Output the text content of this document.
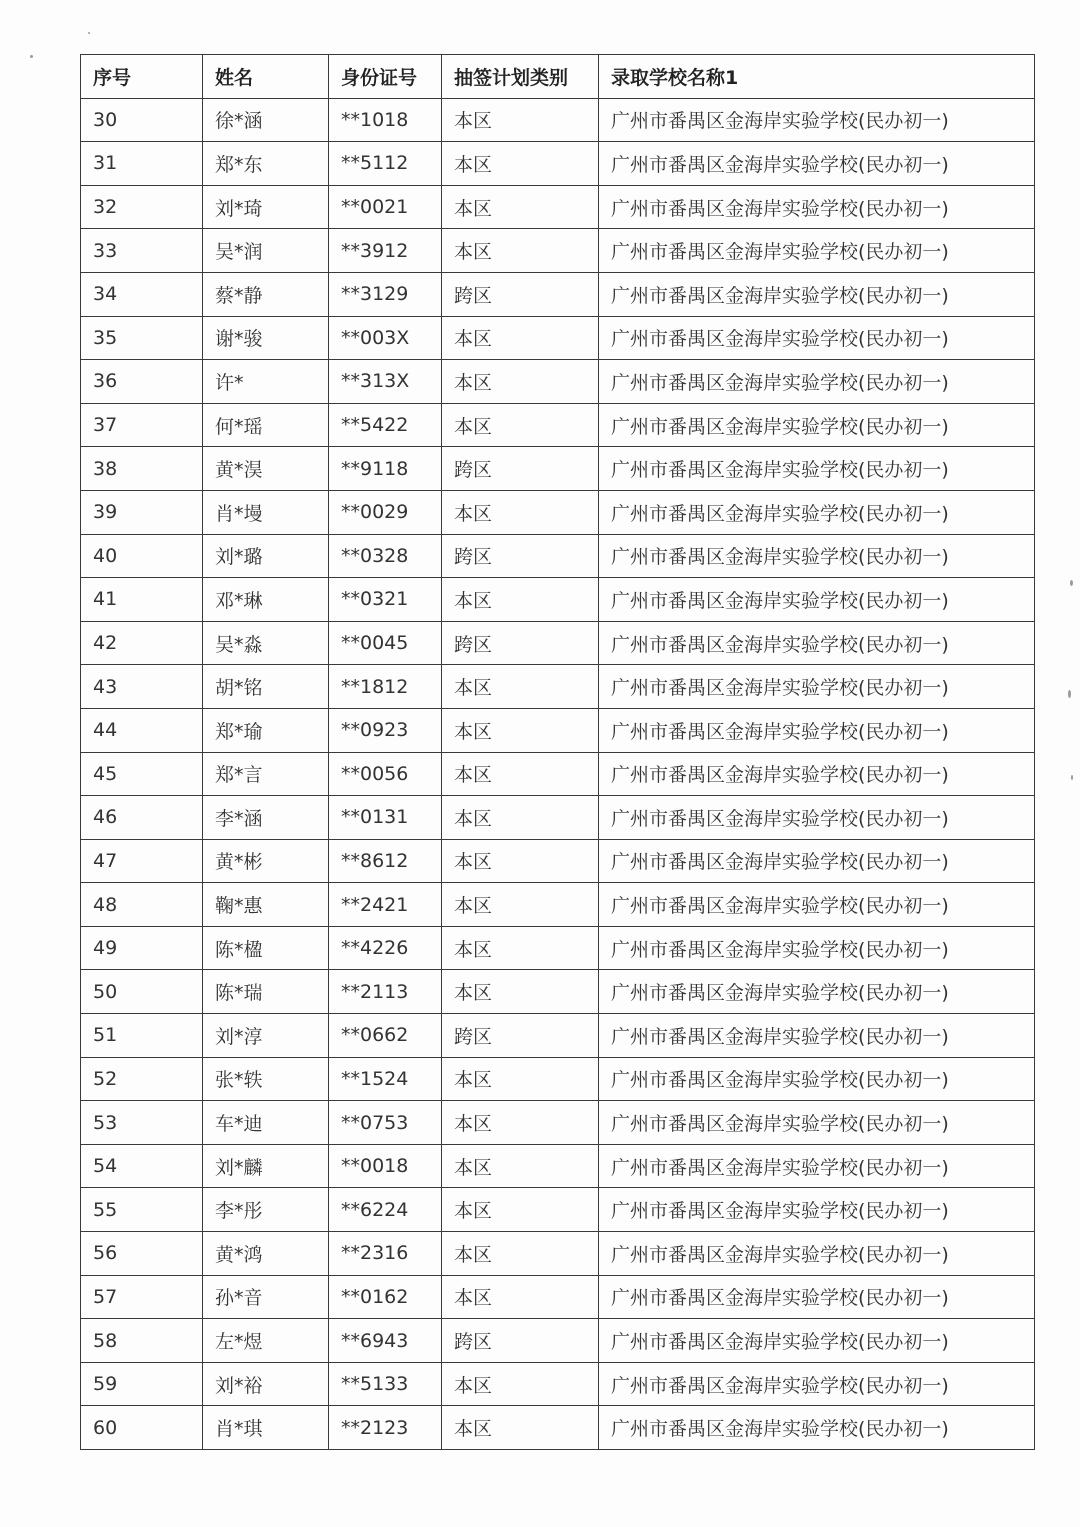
序号	姓名	身份证号	抽签计划类别	录取学校名称1
30	徐*涵	**1018	本区	广州市番禺区金海岸实验学校(民办初一)
31	郑*东	**5112	本区	广州市番禺区金海岸实验学校(民办初一)
32	刘*琦	**0021	本区	广州市番禺区金海岸实验学校(民办初一)
33	吴*润	**3912	本区	广州市番禺区金海岸实验学校(民办初一)
34	蔡*静	**3129	跨区	广州市番禺区金海岸实验学校(民办初一)
35	谢*骏	**003X	本区	广州市番禺区金海岸实验学校(民办初一)
36	许*	**313X	本区	广州市番禺区金海岸实验学校(民办初一)
37	何*瑶	**5422	本区	广州市番禺区金海岸实验学校(民办初一)
38	黄*淏	**9118	跨区	广州市番禺区金海岸实验学校(民办初一)
39	肖*墁	**0029	本区	广州市番禺区金海岸实验学校(民办初一)
40	刘*璐	**0328	跨区	广州市番禺区金海岸实验学校(民办初一)
41	邓*琳	**0321	本区	广州市番禺区金海岸实验学校(民办初一)
42	吴*淼	**0045	跨区	广州市番禺区金海岸实验学校(民办初一)
43	胡*铭	**1812	本区	广州市番禺区金海岸实验学校(民办初一)
44	郑*瑜	**0923	本区	广州市番禺区金海岸实验学校(民办初一)
45	郑*言	**0056	本区	广州市番禺区金海岸实验学校(民办初一)
46	李*涵	**0131	本区	广州市番禺区金海岸实验学校(民办初一)
47	黄*彬	**8612	本区	广州市番禺区金海岸实验学校(民办初一)
48	鞠*惠	**2421	本区	广州市番禺区金海岸实验学校(民办初一)
49	陈*楹	**4226	本区	广州市番禺区金海岸实验学校(民办初一)
50	陈*瑞	**2113	本区	广州市番禺区金海岸实验学校(民办初一)
51	刘*淳	**0662	跨区	广州市番禺区金海岸实验学校(民办初一)
52	张*轶	**1524	本区	广州市番禺区金海岸实验学校(民办初一)
53	车*迪	**0753	本区	广州市番禺区金海岸实验学校(民办初一)
54	刘*麟	**0018	本区	广州市番禺区金海岸实验学校(民办初一)
55	李*彤	**6224	本区	广州市番禺区金海岸实验学校(民办初一)
56	黄*鸿	**2316	本区	广州市番禺区金海岸实验学校(民办初一)
57	孙*音	**0162	本区	广州市番禺区金海岸实验学校(民办初一)
58	左*煜	**6943	跨区	广州市番禺区金海岸实验学校(民办初一)
59	刘*裕	**5133	本区	广州市番禺区金海岸实验学校(民办初一)
60	肖*琪	**2123	本区	广州市番禺区金海岸实验学校(民办初一)
